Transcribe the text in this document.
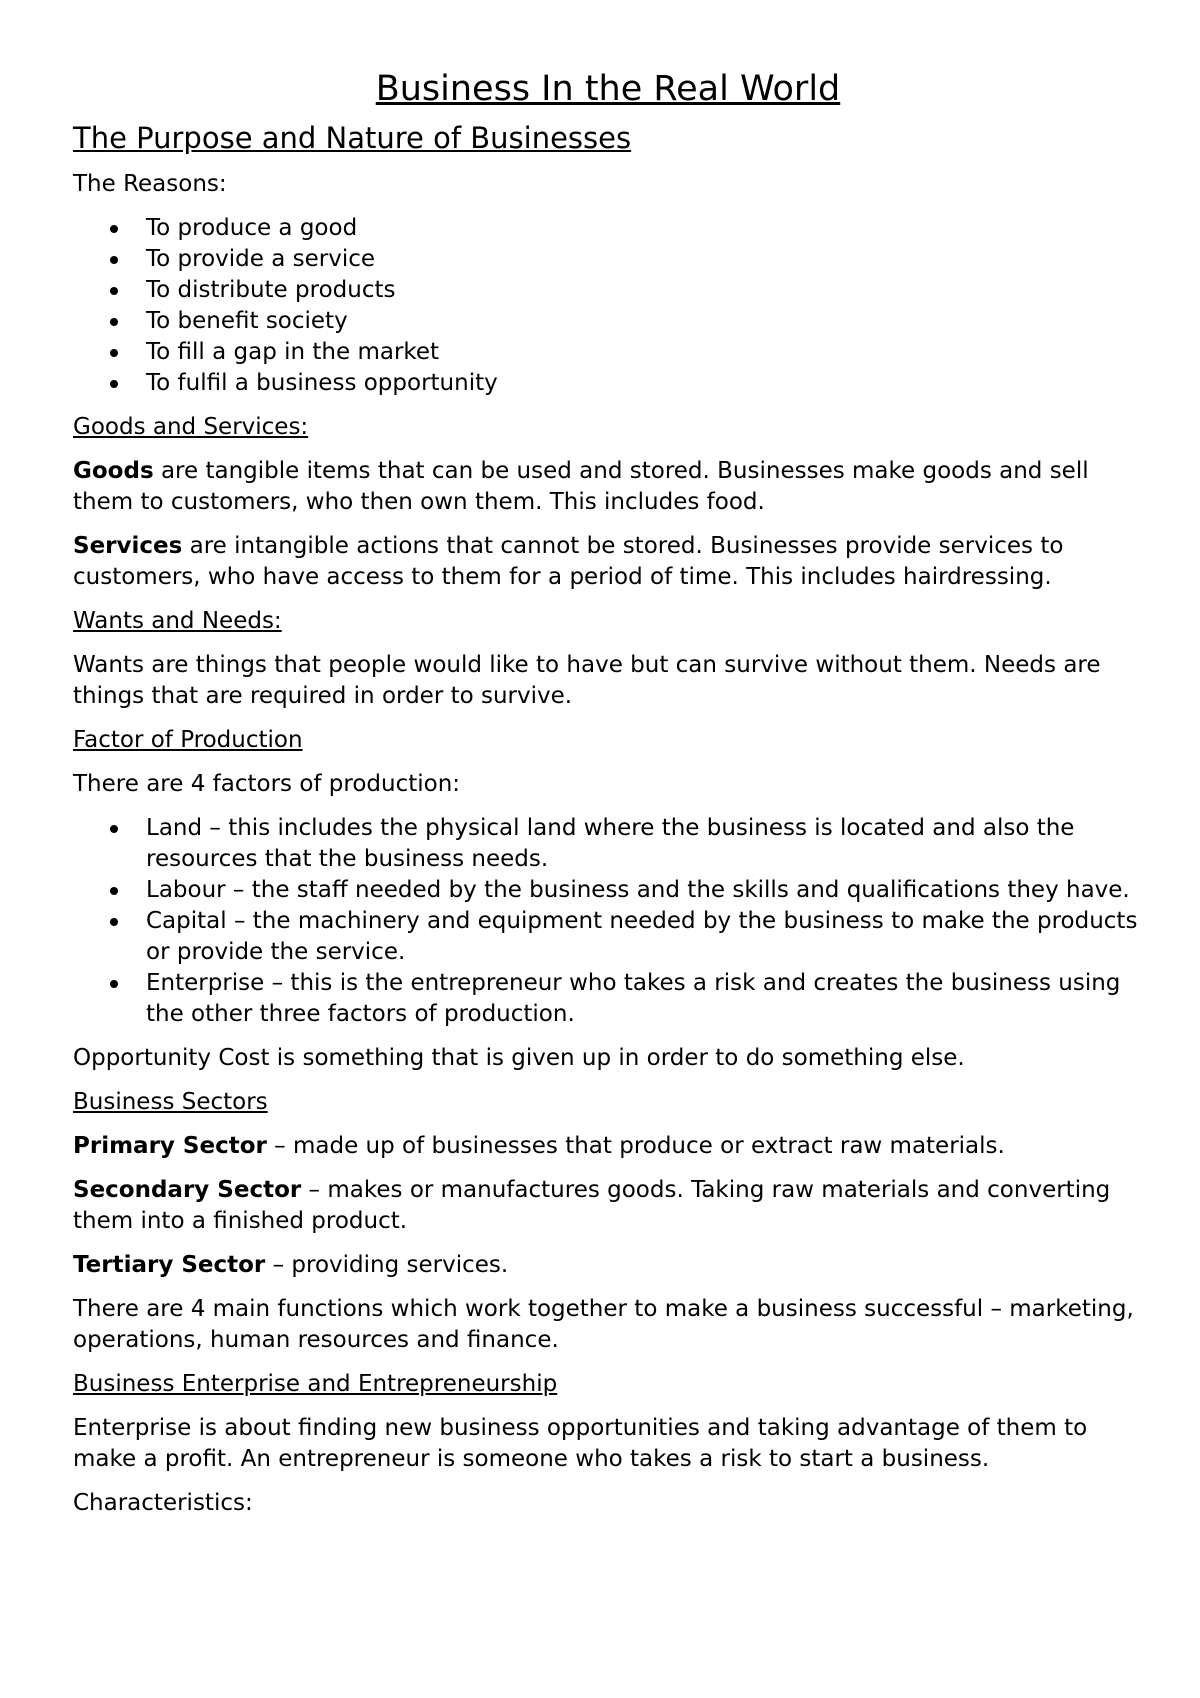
Business In the Real World
The Purpose and Nature of Businesses

The Reasons:

To produce a good
To provide a service
To distribute products
To benefit society
To fill a gap in the market
To fulfil a business opportunity

Goods and Services:

Goods are tangible items that can be used and stored. Businesses make goods and sell them to customers, who then own them. This includes food.

Services are intangible actions that cannot be stored. Businesses provide services to customers, who have access to them for a period of time. This includes hairdressing.

Wants and Needs:

Wants are things that people would like to have but can survive without them. Needs are things that are required in order to survive.

Factor of Production

There are 4 factors of production:

Land – this includes the physical land where the business is located and also the resources that the business needs.
Labour – the staff needed by the business and the skills and qualifications they have.
Capital – the machinery and equipment needed by the business to make the products or provide the service.
Enterprise – this is the entrepreneur who takes a risk and creates the business using the other three factors of production.

Opportunity Cost is something that is given up in order to do something else.

Business Sectors

Primary Sector – made up of businesses that produce or extract raw materials.

Secondary Sector – makes or manufactures goods. Taking raw materials and converting them into a finished product.

Tertiary Sector – providing services.

There are 4 main functions which work together to make a business successful – marketing, operations, human resources and finance.

Business Enterprise and Entrepreneurship

Enterprise is about finding new business opportunities and taking advantage of them to make a profit. An entrepreneur is someone who takes a risk to start a business.

Characteristics:
